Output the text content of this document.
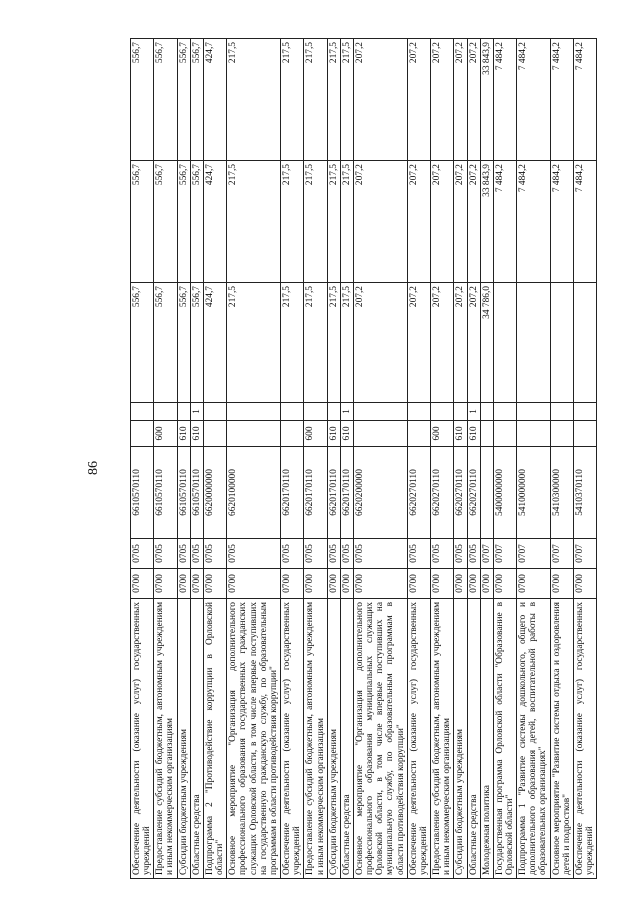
86
Обеспечение деятельности (оказание услуг) государственных учреждений	0700	0705	6610570110			556,7	556,7	556,7
Предоставление субсидий бюджетным, автономным учреждениям и иным некоммерческим организациям	0700	0705	6610570110	600		556,7	556,7	556,7
Субсидии бюджетным учреждениям	0700	0705	6610570110	610		556,7	556,7	556,7
Областные средства	0700	0705	6610570110	610	1	556,7	556,7	556,7
Подпрограмма 2 "Противодействие коррупции в Орловской области"	0700	0705	6620000000			424,7	424,7	424,7
Основное мероприятие "Организация дополнительного профессионального образования государственных гражданских служащих Орловской области, в том числе впервые поступивших на государственную гражданскую службу, по образовательным программам в области противодействия коррупции"	0700	0705	6620100000			217,5	217,5	217,5
Обеспечение деятельности (оказание услуг) государственных учреждений	0700	0705	6620170110			217,5	217,5	217,5
Предоставление субсидий бюджетным, автономным учреждениям и иным некоммерческим организациям	0700	0705	6620170110	600		217,5	217,5	217,5
Субсидии бюджетным учреждениям	0700	0705	6620170110	610		217,5	217,5	217,5
Областные средства	0700	0705	6620170110	610	1	217,5	217,5	217,5
Основное мероприятие "Организация дополнительного профессионального образования муниципальных служащих Орловской области, в том числе впервые поступивших на муниципальную службу, по образовательным программам в области противодействия коррупции"	0700	0705	6620200000			207,2	207,2	207,2
Обеспечение деятельности (оказание услуг) государственных учреждений	0700	0705	6620270110			207,2	207,2	207,2
Предоставление субсидий бюджетным, автономным учреждениям и иным некоммерческим организациям	0700	0705	6620270110	600		207,2	207,2	207,2
Субсидии бюджетным учреждениям	0700	0705	6620270110	610		207,2	207,2	207,2
Областные средства	0700	0705	6620270110	610	1	207,2	207,2	207,2
Молодежная политика	0700	0707				34 786,0	33 843,9	33 843,9
Государственная программа Орловской области "Образование в Орловской области"	0700	0707	5400000000				7 484,2	7 484,2
Подпрограмма 1 "Развитие системы дошкольного, общего и дополнительного образования детей, воспитательной работы в образовательных организациях"	0700	0707	5410000000				7 484,2	7 484,2
Основное мероприятие "Развитие системы отдыха и оздоровления детей и подростков"	0700	0707	5410300000				7 484,2	7 484,2
Обеспечение деятельности (оказание услуг) государственных учреждений	0700	0707	5410370110				7 484,2	7 484,2
